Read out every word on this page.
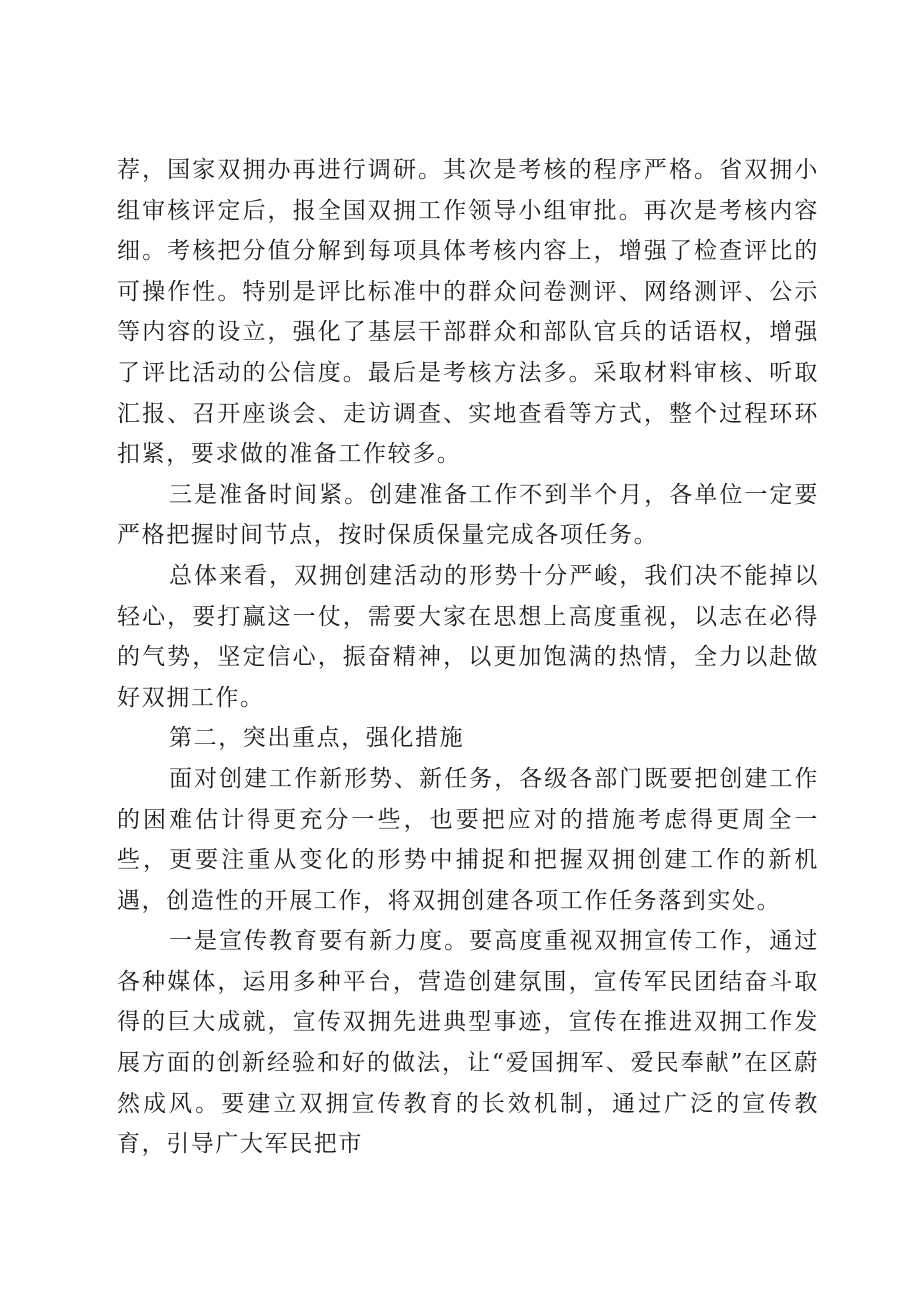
荐，国家双拥办再进行调研。其次是考核的程序严格。省双拥小组审核评定后，报全国双拥工作领导小组审批。再次是考核内容细。考核把分值分解到每项具体考核内容上，增强了检查评比的可操作性。特别是评比标准中的群众问卷测评、网络测评、公示等内容的设立，强化了基层干部群众和部队官兵的话语权，增强了评比活动的公信度。最后是考核方法多。采取材料审核、听取汇报、召开座谈会、走访调查、实地查看等方式，整个过程环环扣紧，要求做的准备工作较多。

三是准备时间紧。创建准备工作不到半个月，各单位一定要严格把握时间节点，按时保质保量完成各项任务。

总体来看，双拥创建活动的形势十分严峻，我们决不能掉以轻心，要打赢这一仗，需要大家在思想上高度重视，以志在必得的气势，坚定信心，振奋精神，以更加饱满的热情，全力以赴做好双拥工作。

第二，突出重点，强化措施

面对创建工作新形势、新任务，各级各部门既要把创建工作的困难估计得更充分一些，也要把应对的措施考虑得更周全一些，更要注重从变化的形势中捕捉和把握双拥创建工作的新机遇，创造性的开展工作，将双拥创建各项工作任务落到实处。

一是宣传教育要有新力度。要高度重视双拥宣传工作，通过各种媒体，运用多种平台，营造创建氛围，宣传军民团结奋斗取得的巨大成就，宣传双拥先进典型事迹，宣传在推进双拥工作发展方面的创新经验和好的做法，让“爱国拥军、爱民奉献”在区蔚然成风。要建立双拥宣传教育的长效机制，通过广泛的宣传教育，引导广大军民把市
